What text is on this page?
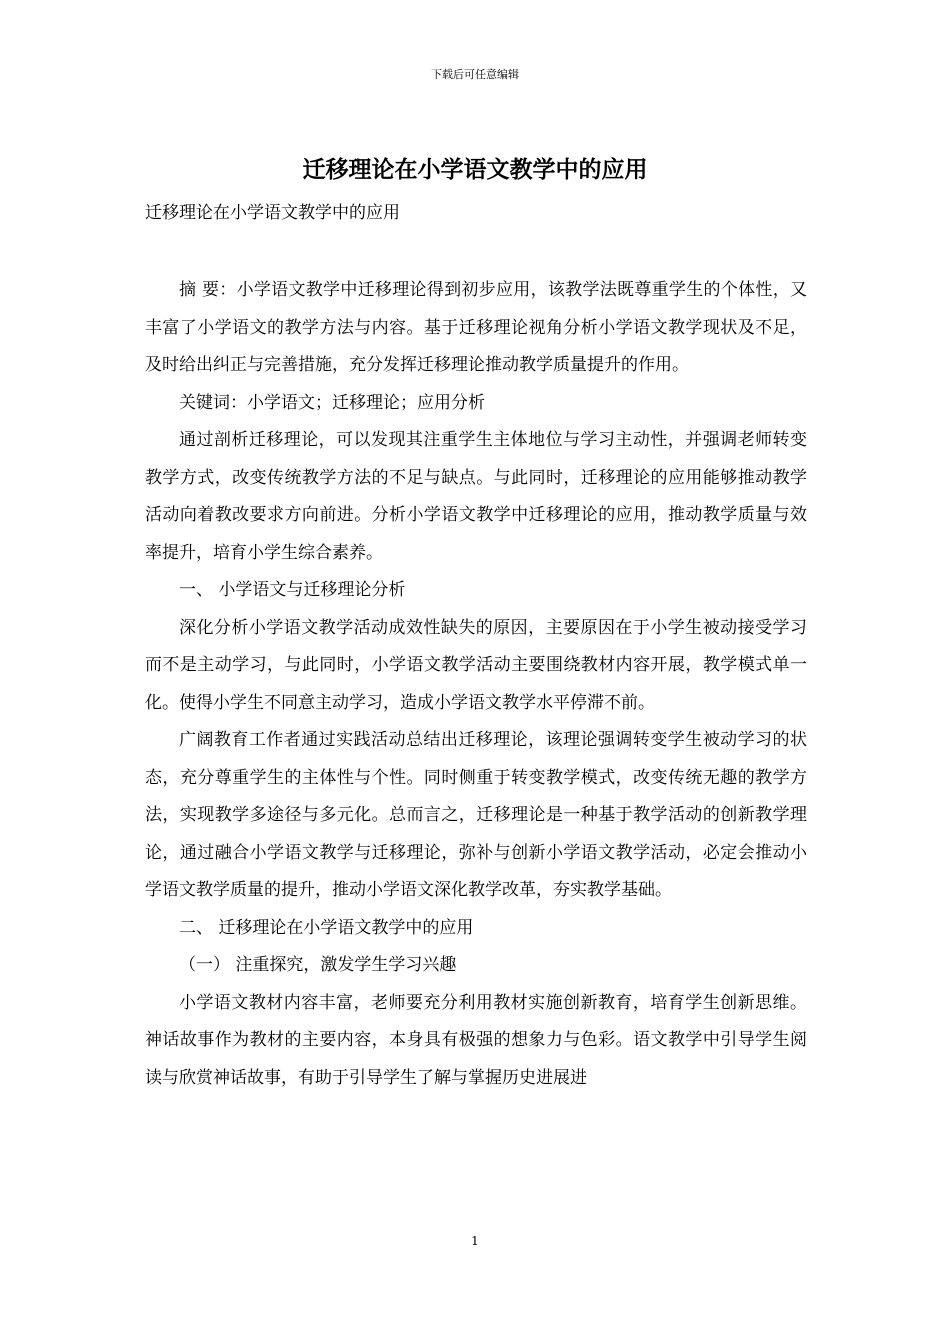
下载后可任意编辑
迁移理论在小学语文教学中的应用
迁移理论在小学语文教学中的应用

摘 要：小学语文教学中迁移理论得到初步应用，该教学法既尊重学生的个体性，又丰富了小学语文的教学方法与内容。基于迁移理论视角分析小学语文教学现状及不足，及时给出纠正与完善措施，充分发挥迁移理论推动教学质量提升的作用。

关键词：小学语文；迁移理论；应用分析

通过剖析迁移理论，可以发现其注重学生主体地位与学习主动性，并强调老师转变教学方式，改变传统教学方法的不足与缺点。与此同时，迁移理论的应用能够推动教学活动向着教改要求方向前进。分析小学语文教学中迁移理论的应用，推动教学质量与效率提升，培育小学生综合素养。

一、 小学语文与迁移理论分析

深化分析小学语文教学活动成效性缺失的原因，主要原因在于小学生被动接受学习而不是主动学习，与此同时，小学语文教学活动主要围绕教材内容开展，教学模式单一化。使得小学生不同意主动学习，造成小学语文教学水平停滞不前。

广阔教育工作者通过实践活动总结出迁移理论，该理论强调转变学生被动学习的状态，充分尊重学生的主体性与个性。同时侧重于转变教学模式，改变传统无趣的教学方法，实现教学多途径与多元化。总而言之，迁移理论是一种基于教学活动的创新教学理论，通过融合小学语文教学与迁移理论，弥补与创新小学语文教学活动，必定会推动小学语文教学质量的提升，推动小学语文深化教学改革，夯实教学基础。

二、 迁移理论在小学语文教学中的应用

（一） 注重探究，激发学生学习兴趣

小学语文教材内容丰富，老师要充分利用教材实施创新教育，培育学生创新思维。神话故事作为教材的主要内容，本身具有极强的想象力与色彩。语文教学中引导学生阅读与欣赏神话故事，有助于引导学生了解与掌握历史进展进

1
